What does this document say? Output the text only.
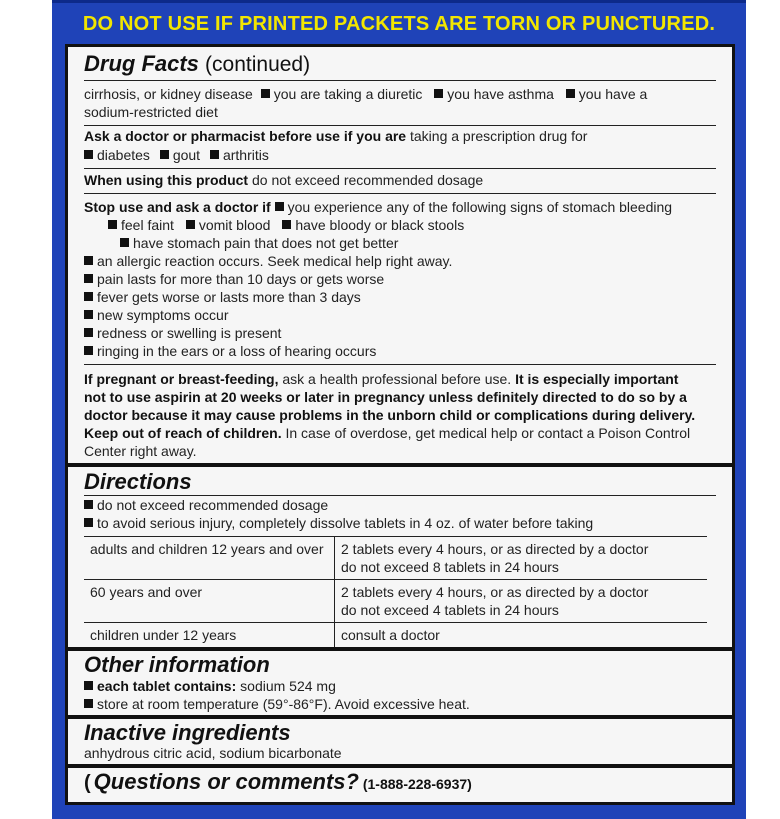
DO NOT USE IF PRINTED PACKETS ARE TORN OR PUNCTURED.
Drug Facts (continued)
cirrhosis, or kidney disease you are taking a diuretic you have asthma you have a
sodium-restricted diet
Ask a doctor or pharmacist before use if you are taking a prescription drug for
diabetes gout arthritis
When using this product do not exceed recommended dosage
Stop use and ask a doctor if you experience any of the following signs of stomach bleeding
feel faint vomit blood have bloody or black stools
have stomach pain that does not get better
an allergic reaction occurs. Seek medical help right away.
pain lasts for more than 10 days or gets worse
fever gets worse or lasts more than 3 days
new symptoms occur
redness or swelling is present
ringing in the ears or a loss of hearing occurs
If pregnant or breast-feeding, ask a health professional before use. It is especially important
not to use aspirin at 20 weeks or later in pregnancy unless definitely directed to do so by a
doctor because it may cause problems in the unborn child or complications during delivery.
Keep out of reach of children. In case of overdose, get medical help or contact a Poison Control
Center right away.
Directions
do not exceed recommended dosage
to avoid serious injury, completely dissolve tablets in 4 oz. of water before taking
adults and children 12 years and over	2 tablets every 4 hours, or as directed by a doctor
do not exceed 8 tablets in 24 hours

60 years and over	2 tablets every 4 hours, or as directed by a doctor
do not exceed 4 tablets in 24 hours

children under 12 years	consult a doctor
Other information
each tablet contains: sodium 524 mg
store at room temperature (59°-86°F). Avoid excessive heat.
Inactive ingredients
anhydrous citric acid, sodium bicarbonate
( Questions or comments? (1-888-228-6937)
